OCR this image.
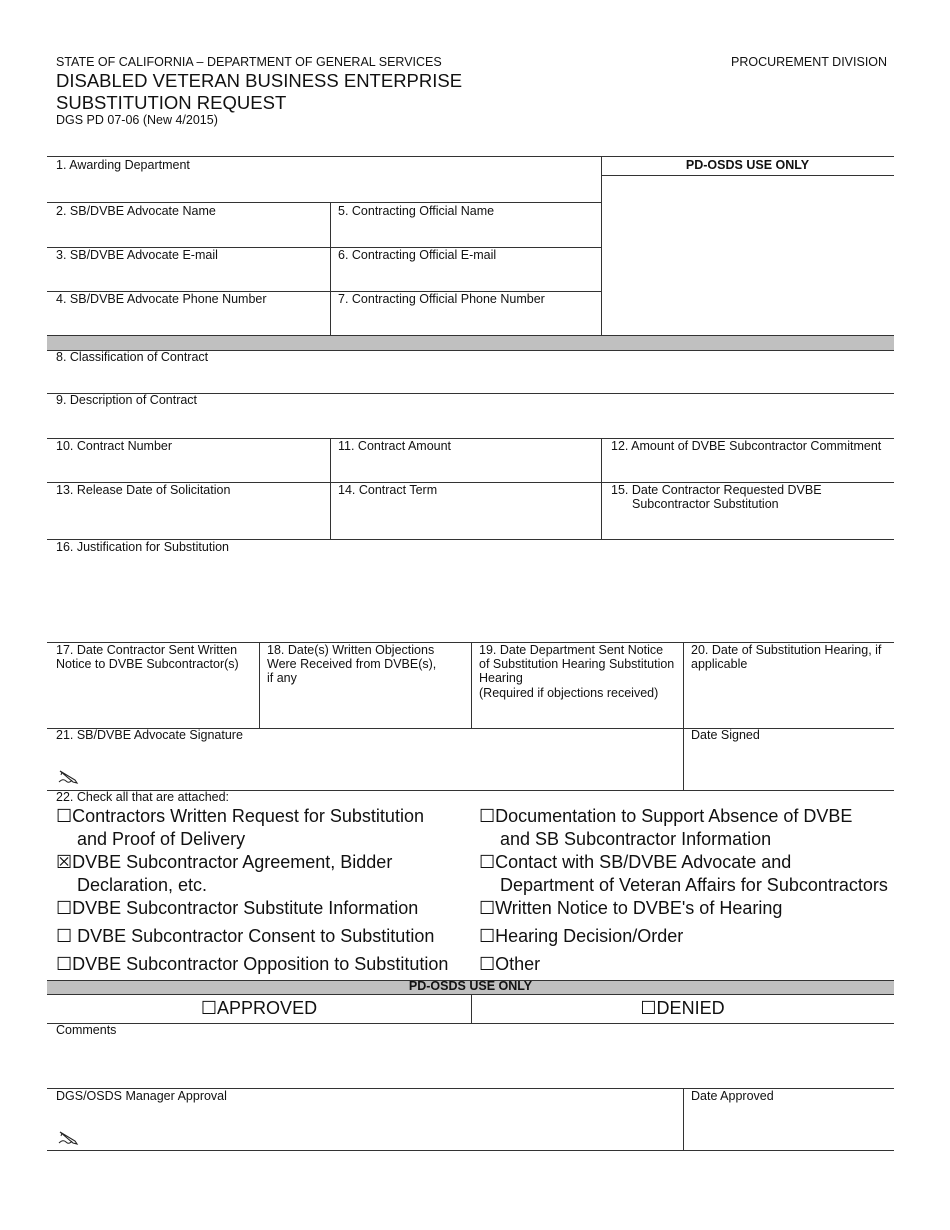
STATE OF CALIFORNIA – DEPARTMENT OF GENERAL SERVICES	PROCUREMENT DIVISION
DISABLED VETERAN BUSINESS ENTERPRISE
SUBSTITUTION REQUEST
DGS PD 07-06 (New 4/2015)
PD-OSDS USE ONLY
1. Awarding Department
2. SB/DVBE Advocate Name	5. Contracting Official Name
3. SB/DVBE Advocate E-mail	6. Contracting Official E-mail
4. SB/DVBE Advocate Phone Number	7. Contracting Official Phone Number
8. Classification of Contract
9. Description of Contract
10. Contract Number	11. Contract Amount	12. Amount of DVBE Subcontractor Commitment
13. Release Date of Solicitation	14. Contract Term	15. Date Contractor Requested DVBE
Subcontractor Substitution
16. Justification for Substitution
17. Date Contractor Sent Written
Notice to DVBE Subcontractor(s)
18. Date(s) Written Objections
Were Received from DVBE(s),
if any
19. Date Department Sent Notice
of Substitution Hearing Substitution
Hearing
(Required if objections received)
20. Date of Substitution Hearing, if
applicable
21. SB/DVBE Advocate Signature	Date Signed
22. Check all that are attached:
☐Contractors Written Request for Substitution
and Proof of Delivery
☒DVBE Subcontractor Agreement, Bidder
Declaration, etc.
☐DVBE Subcontractor Substitute Information
☐ DVBE Subcontractor Consent to Substitution
☐DVBE Subcontractor Opposition to Substitution
☐Documentation to Support Absence of DVBE
and SB Subcontractor Information
☐Contact with SB/DVBE Advocate and
Department of Veteran Affairs for Subcontractors
☐Written Notice to DVBE's of Hearing
☐Hearing Decision/Order
☐Other
PD-OSDS USE ONLY
☐APPROVED	☐DENIED
Comments
DGS/OSDS Manager Approval	Date Approved
